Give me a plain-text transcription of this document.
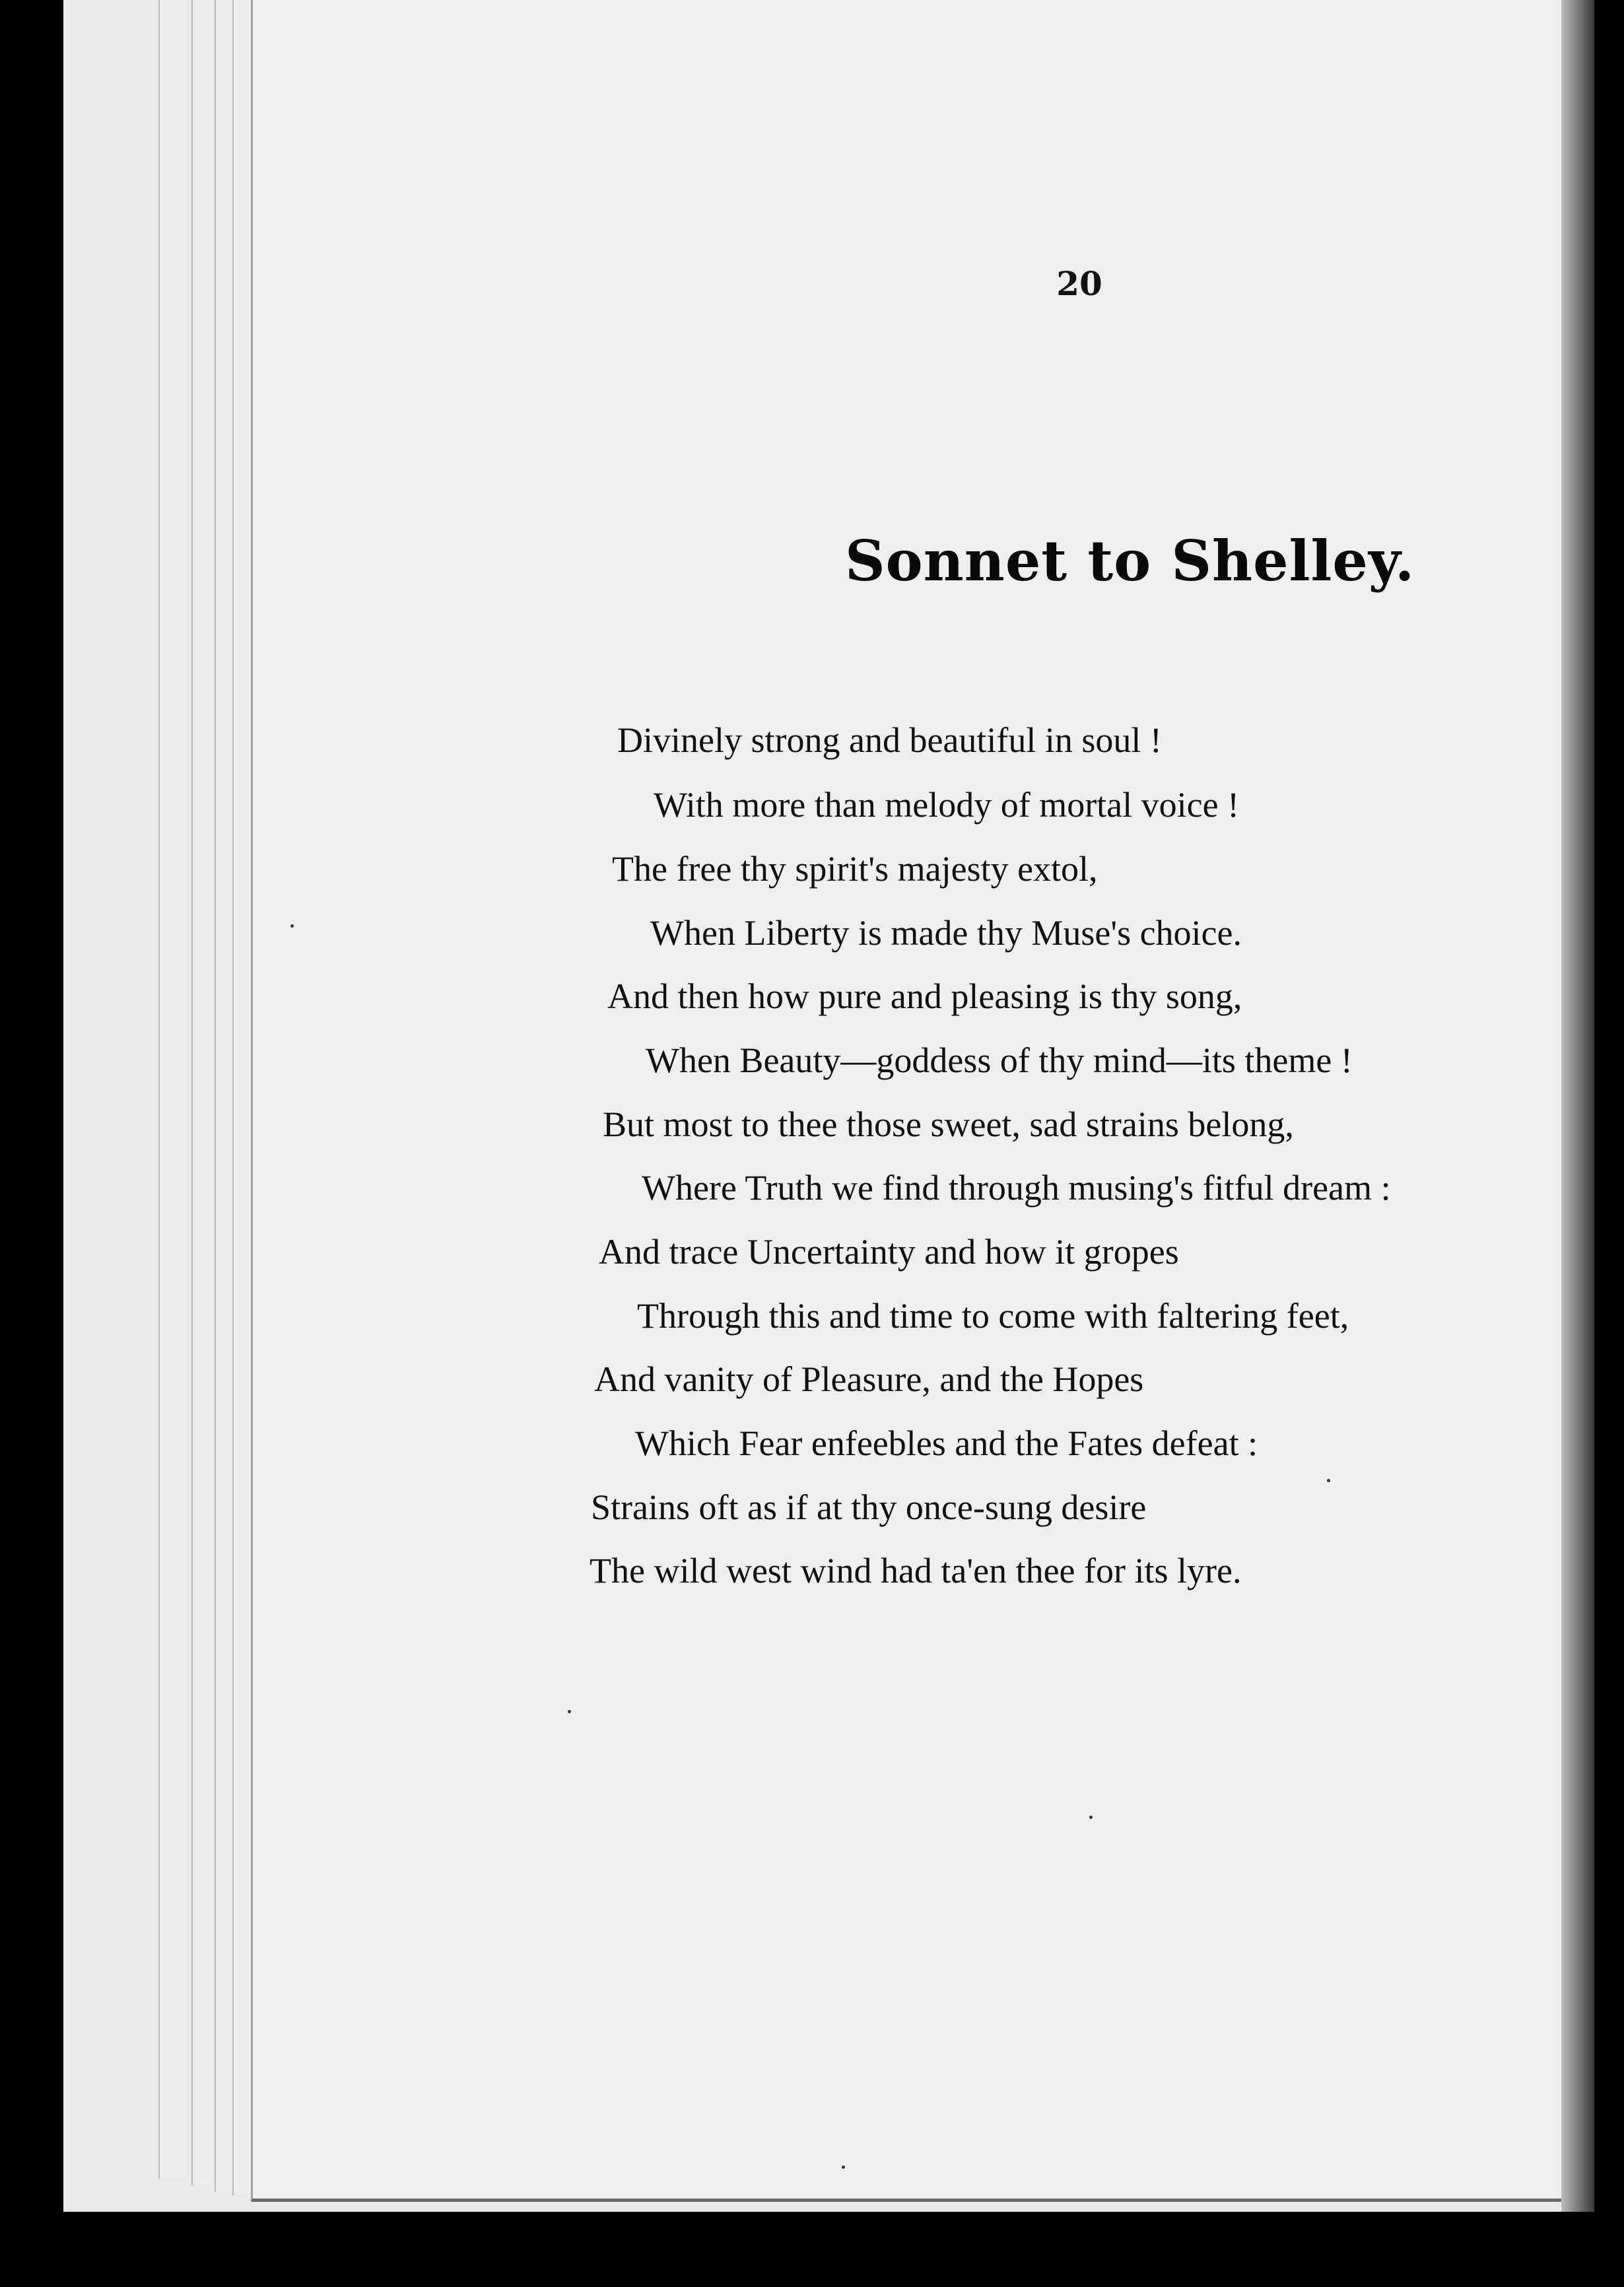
20
Sonnet to Shelley.
Divinely strong and beautiful in soul !
With more than melody of mortal voice !
The free thy spirit's majesty extol,
When Liberty is made thy Muse's choice.
And then how pure and pleasing is thy song,
When Beauty—goddess of thy mind—its theme !
But most to thee those sweet, sad strains belong,
Where Truth we find through musing's fitful dream :
And trace Uncertainty and how it gropes
Through this and time to come with faltering feet,
And vanity of Pleasure, and the Hopes
Which Fear enfeebles and the Fates defeat :
Strains oft as if at thy once-sung desire
The wild west wind had ta'en thee for its lyre.
